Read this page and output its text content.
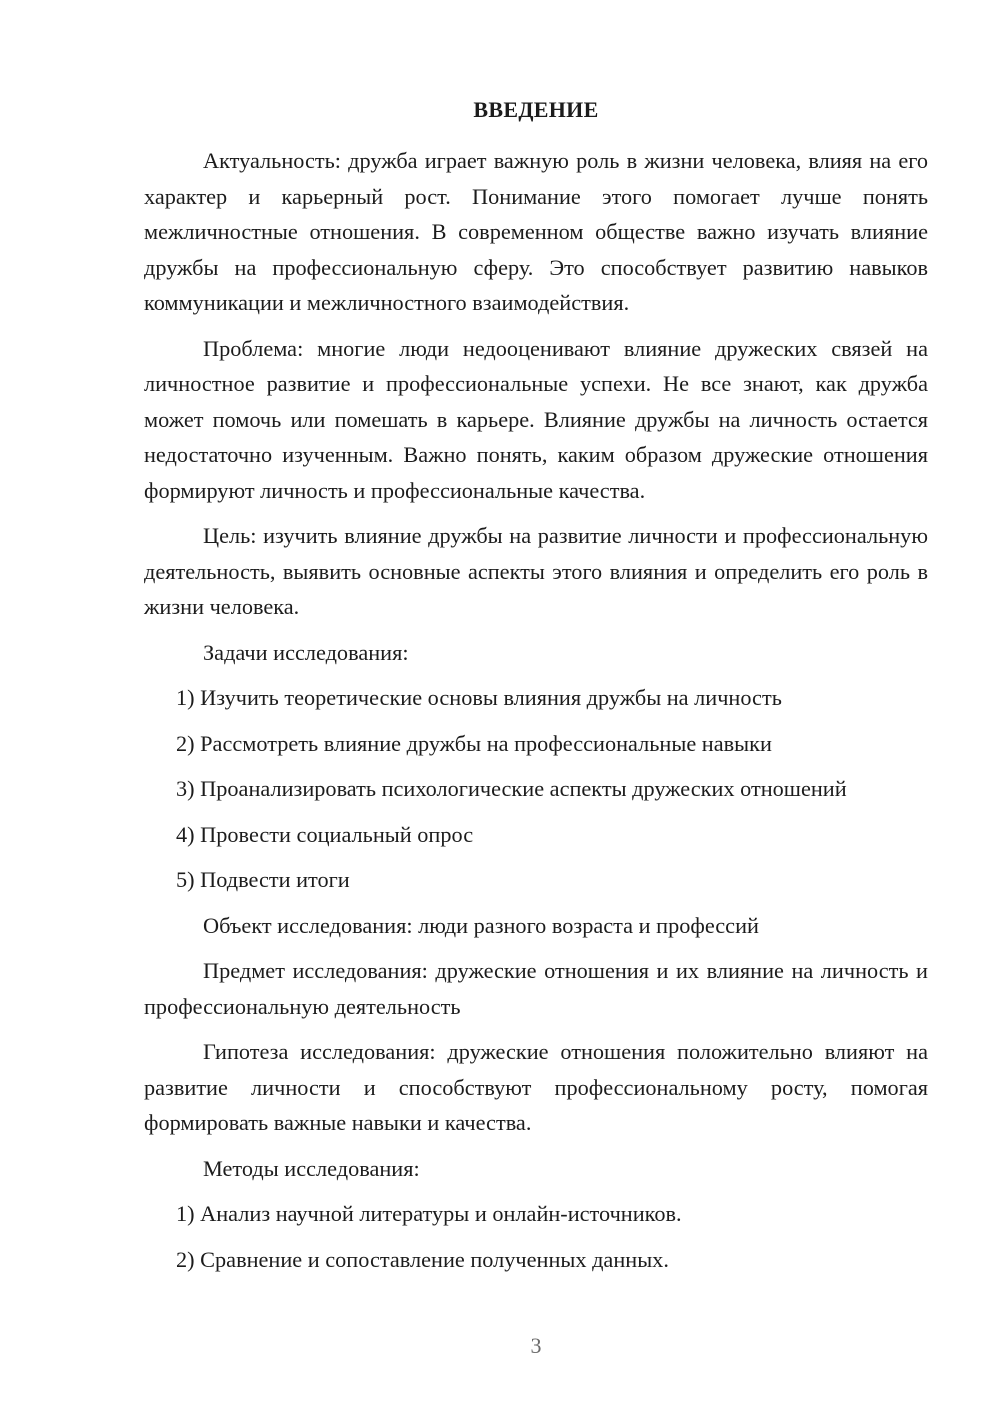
ВВЕДЕНИЕ

Актуальность: дружба играет важную роль в жизни человека, влияя на его характер и карьерный рост. Понимание этого помогает лучше понять межличностные отношения. В современном обществе важно изучать влияние дружбы на профессиональную сферу. Это способствует развитию навыков коммуникации и межличностного взаимодействия.

Проблема: многие люди недооценивают влияние дружеских связей на личностное развитие и профессиональные успехи. Не все знают, как дружба может помочь или помешать в карьере. Влияние дружбы на личность остается недостаточно изученным. Важно понять, каким образом дружеские отношения формируют личность и профессиональные качества.

Цель: изучить влияние дружбы на развитие личности и профессиональную деятельность, выявить основные аспекты этого влияния и определить его роль в жизни человека.

Задачи исследования:

1) Изучить теоретические основы влияния дружбы на личность
2) Рассмотреть влияние дружбы на профессиональные навыки
3) Проанализировать психологические аспекты дружеских отношений
4) Провести социальный опрос
5) Подвести итоги

Объект исследования: люди разного возраста и профессий

Предмет исследования: дружеские отношения и их влияние на личность и профессиональную деятельность

Гипотеза исследования: дружеские отношения положительно влияют на развитие личности и способствуют профессиональному росту, помогая формировать важные навыки и качества.

Методы исследования:

1) Анализ научной литературы и онлайн-источников.
2) Сравнение и сопоставление полученных данных.
3
